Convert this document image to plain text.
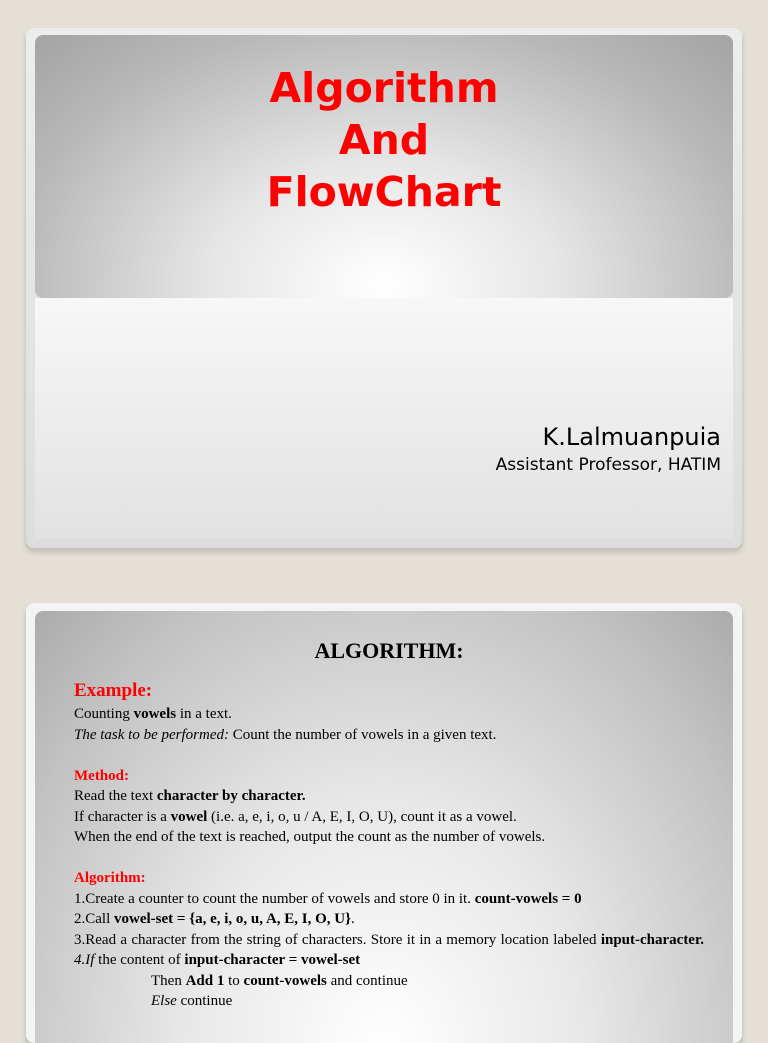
Algorithm
And
FlowChart
K.Lalmuanpuia
Assistant Professor, HATIM
ALGORITHM:
Example:

Counting vowels in a text.

The task to be performed: Count the number of vowels in a given text.

Method:

Read the text character by character.

If character is a vowel (i.e. a, e, i, o, u / A, E, I, O, U), count it as a vowel.

When the end of the text is reached, output the count as the number of vowels.

Algorithm:

1.Create a counter to count the number of vowels and store 0 in it. count-vowels = 0

2.Call vowel-set = {a, e, i, o, u, A, E, I, O, U}.

3.Read a character from the string of characters. Store it in a memory location labeled input-character.

4.If the content of input-character = vowel-set

Then Add 1 to count-vowels and continue

Else continue
